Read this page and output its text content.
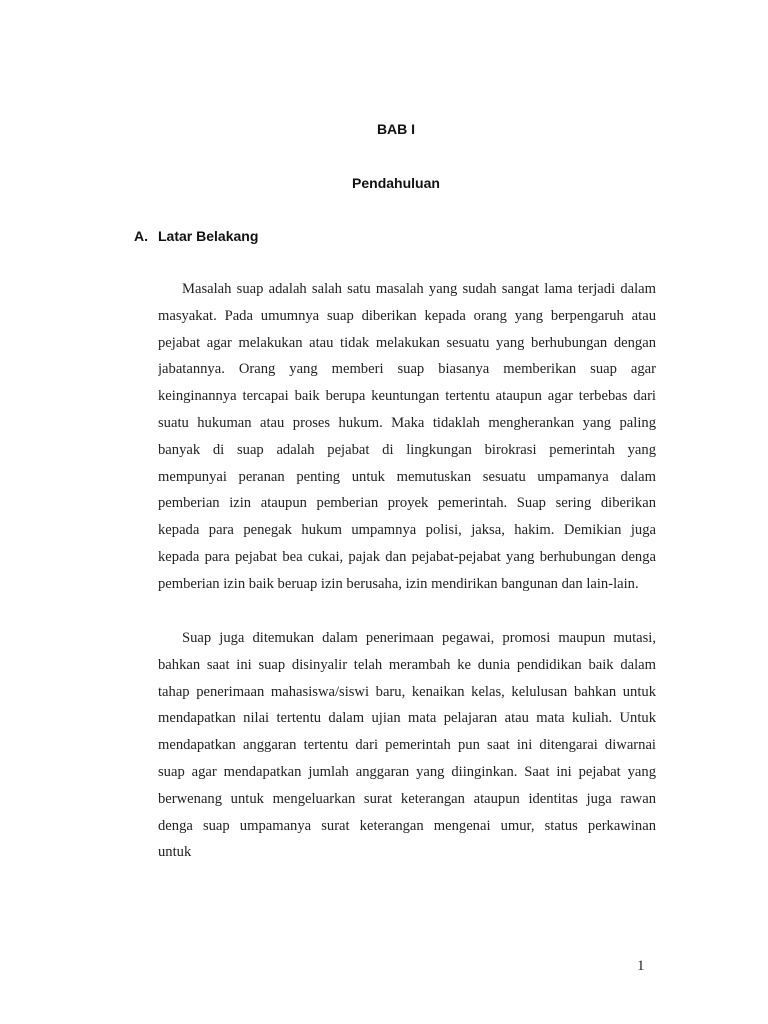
BAB I
Pendahuluan
A. Latar Belakang
Masalah suap adalah salah satu masalah yang sudah sangat lama terjadi dalam
masyakat. Pada umumnya suap diberikan kepada orang yang berpengaruh atau
pejabat agar melakukan atau tidak melakukan sesuatu yang berhubungan dengan
jabatannya. Orang yang memberi suap biasanya memberikan suap agar
keinginannya tercapai baik berupa keuntungan tertentu ataupun agar terbebas dari
suatu hukuman atau proses hukum. Maka tidaklah mengherankan yang paling
banyak di suap adalah pejabat di lingkungan birokrasi pemerintah yang
mempunyai peranan penting untuk memutuskan sesuatu umpamanya dalam
pemberian izin ataupun pemberian proyek pemerintah. Suap sering diberikan
kepada para penegak hukum umpamnya polisi, jaksa, hakim. Demikian juga
kepada para pejabat bea cukai, pajak dan pejabat-pejabat yang berhubungan denga
pemberian izin baik beruap izin berusaha, izin mendirikan bangunan dan lain-lain.
Suap juga ditemukan dalam penerimaan pegawai, promosi maupun mutasi,
bahkan saat ini suap disinyalir telah merambah ke dunia pendidikan baik dalam
tahap penerimaan mahasiswa/siswi baru, kenaikan kelas, kelulusan bahkan untuk
mendapatkan nilai tertentu dalam ujian mata pelajaran atau mata kuliah. Untuk
mendapatkan anggaran tertentu dari pemerintah pun saat ini ditengarai diwarnai
suap agar mendapatkan jumlah anggaran yang diinginkan. Saat ini pejabat yang
berwenang untuk mengeluarkan surat keterangan ataupun identitas juga rawan
denga suap umpamanya surat keterangan mengenai umur, status perkawinan
untuk
1
